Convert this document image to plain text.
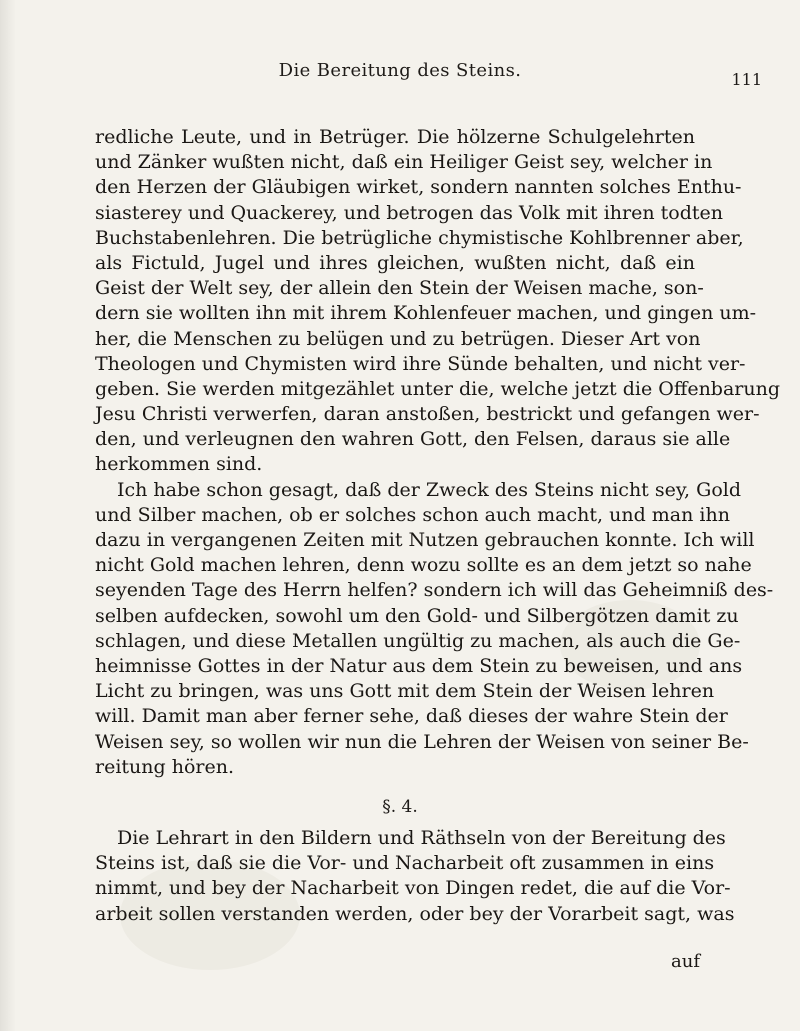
Die Bereitung des Steins.	111
redliche Leute, und in Betrüger. Die hölzerne Schulgelehrten
und Zänker wußten nicht, daß ein Heiliger Geist sey, welcher in
den Herzen der Gläubigen wirket, sondern nannten solches Enthu-
siasterey und Quackerey, und betrogen das Volk mit ihren todten
Buchstabenlehren. Die betrügliche chymistische Kohlbrenner aber,
als Fictuld, Jugel und ihres gleichen, wußten nicht, daß ein
Geist der Welt sey, der allein den Stein der Weisen mache, son-
dern sie wollten ihn mit ihrem Kohlenfeuer machen, und gingen um-
her, die Menschen zu belügen und zu betrügen. Dieser Art von
Theologen und Chymisten wird ihre Sünde behalten, und nicht ver-
geben. Sie werden mitgezählet unter die, welche jetzt die Offenbarung
Jesu Christi verwerfen, daran anstoßen, bestrickt und gefangen wer-
den, und verleugnen den wahren Gott, den Felsen, daraus sie alle
herkommen sind.
Ich habe schon gesagt, daß der Zweck des Steins nicht sey, Gold
und Silber machen, ob er solches schon auch macht, und man ihn
dazu in vergangenen Zeiten mit Nutzen gebrauchen konnte. Ich will
nicht Gold machen lehren, denn wozu sollte es an dem jetzt so nahe
seyenden Tage des Herrn helfen? sondern ich will das Geheimniß des-
selben aufdecken, sowohl um den Gold- und Silbergötzen damit zu
schlagen, und diese Metallen ungültig zu machen, als auch die Ge-
heimnisse Gottes in der Natur aus dem Stein zu beweisen, und ans
Licht zu bringen, was uns Gott mit dem Stein der Weisen lehren
will. Damit man aber ferner sehe, daß dieses der wahre Stein der
Weisen sey, so wollen wir nun die Lehren der Weisen von seiner Be-
reitung hören.
§. 4.
Die Lehrart in den Bildern und Räthseln von der Bereitung des
Steins ist, daß sie die Vor- und Nacharbeit oft zusammen in eins
nimmt, und bey der Nacharbeit von Dingen redet, die auf die Vor-
arbeit sollen verstanden werden, oder bey der Vorarbeit sagt, was
auf
